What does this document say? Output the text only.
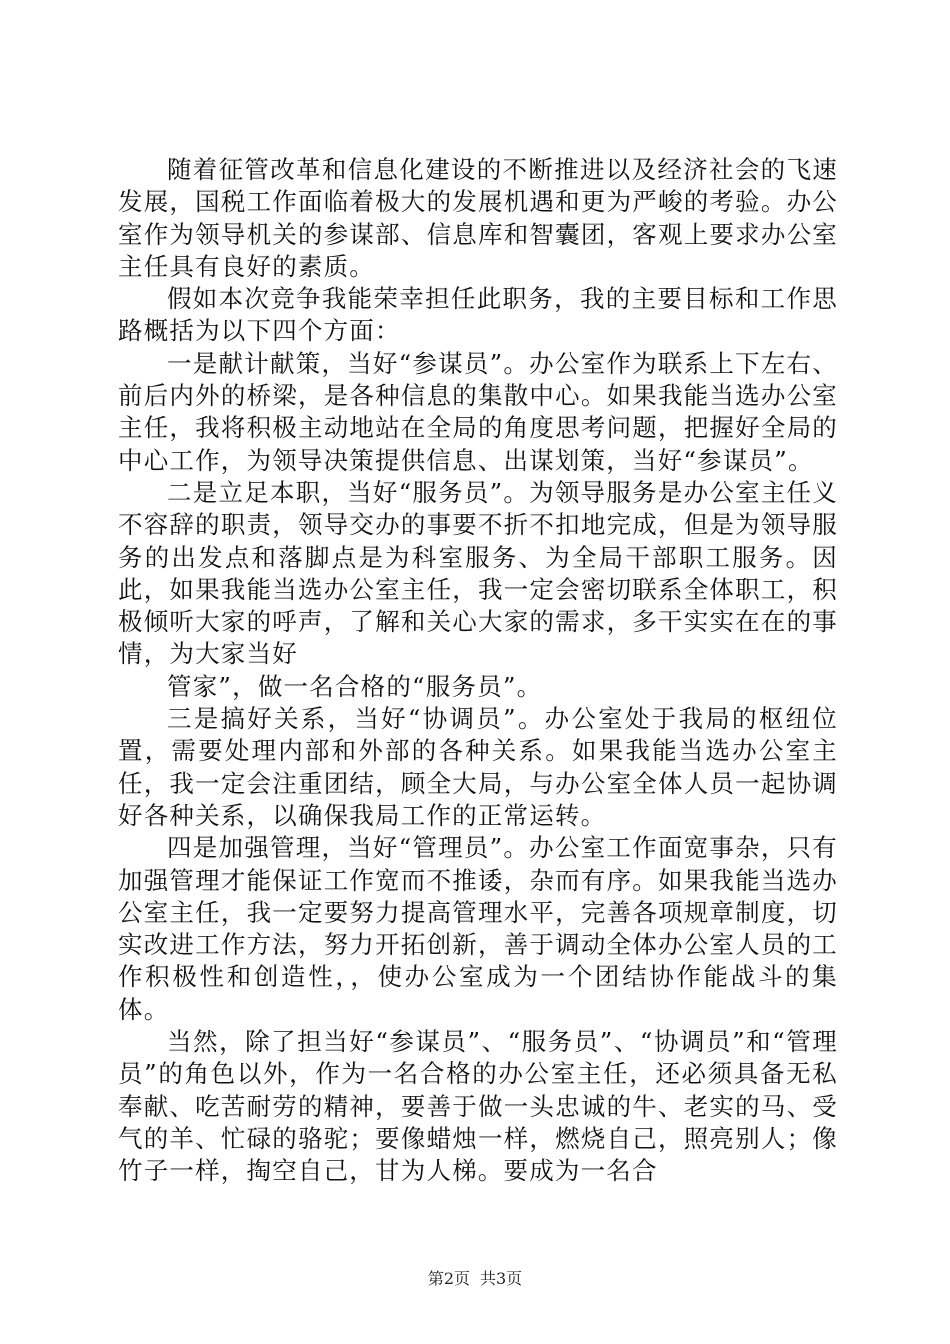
随着征管改革和信息化建设的不断推进以及经济社会的飞速发展，国税工作面临着极大的发展机遇和更为严峻的考验。办公室作为领导机关的参谋部、信息库和智囊团，客观上要求办公室主任具有良好的素质。

假如本次竞争我能荣幸担任此职务，我的主要目标和工作思路概括为以下四个方面：

一是献计献策，当好“参谋员”。办公室作为联系上下左右、前后内外的桥梁，是各种信息的集散中心。如果我能当选办公室主任，我将积极主动地站在全局的角度思考问题，把握好全局的中心工作，为领导决策提供信息、出谋划策，当好“参谋员”。

二是立足本职，当好“服务员”。为领导服务是办公室主任义不容辞的职责，领导交办的事要不折不扣地完成，但是为领导服务的出发点和落脚点是为科室服务、为全局干部职工服务。因此，如果我能当选办公室主任，我一定会密切联系全体职工，积极倾听大家的呼声，了解和关心大家的需求，多干实实在在的事情，为大家当好

管家”，做一名合格的“服务员”。

三是搞好关系，当好“协调员”。办公室处于我局的枢纽位置，需要处理内部和外部的各种关系。如果我能当选办公室主任，我一定会注重团结，顾全大局，与办公室全体人员一起协调好各种关系，以确保我局工作的正常运转。

四是加强管理，当好“管理员”。办公室工作面宽事杂，只有加强管理才能保证工作宽而不推诿，杂而有序。如果我能当选办公室主任，我一定要努力提高管理水平，完善各项规章制度，切实改进工作方法，努力开拓创新，善于调动全体办公室人员的工作积极性和创造性，，使办公室成为一个团结协作能战斗的集体。

当然，除了担当好“参谋员”、“服务员”、“协调员”和“管理员”的角色以外，作为一名合格的办公室主任，还必须具备无私奉献、吃苦耐劳的精神，要善于做一头忠诚的牛、老实的马、受气的羊、忙碌的骆驼；要像蜡烛一样，燃烧自己，照亮别人；像竹子一样，掏空自己，甘为人梯。要成为一名合

第2页 共3页
